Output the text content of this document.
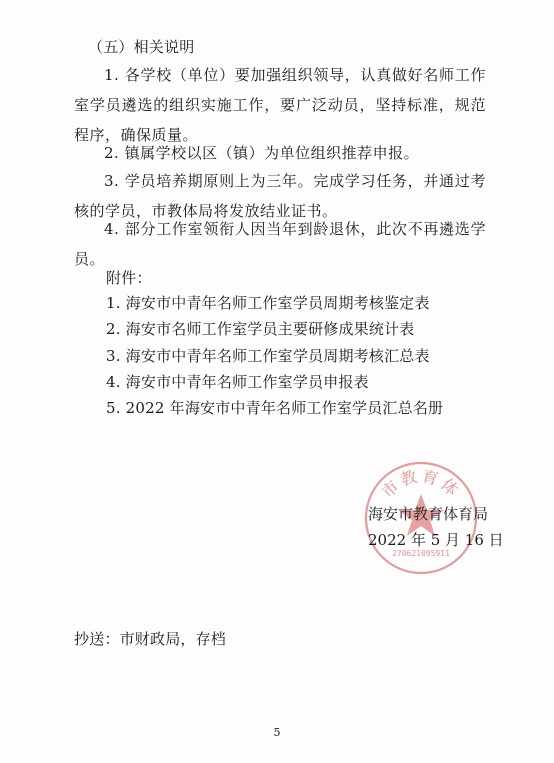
（五）相关说明
1. 各学校（单位）要加强组织领导，认真做好名师工作室学员遴选的组织实施工作，要广泛动员，坚持标准，规范程序，确保质量。
2. 镇属学校以区（镇）为单位组织推荐申报。
3. 学员培养期原则上为三年。完成学习任务，并通过考核的学员，市教体局将发放结业证书。
4. 部分工作室领衔人因当年到龄退休，此次不再遴选学员。
附件：
1. 海安市中青年名师工作室学员周期考核鉴定表
2. 海安市名师工作室学员主要研修成果统计表
3. 海安市中青年名师工作室学员周期考核汇总表
4. 海安市中青年名师工作室学员申报表
5. 2022 年海安市中青年名师工作室学员汇总名册
市教育体
2706210959I1
海安市教育体育局
2022 年 5 月 16 日
抄送：市财政局，存档
5
